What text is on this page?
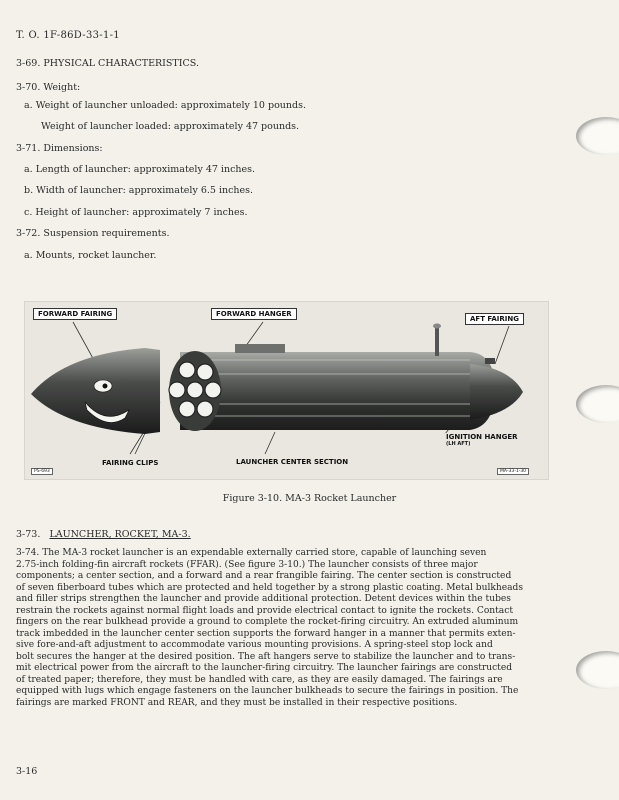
T. O. 1F-86D-33-1-1
3-69. PHYSICAL CHARACTERISTICS.
3-70. Weight:
a. Weight of launcher unloaded: approximately 10 pounds.
Weight of launcher loaded: approximately 47 pounds.
3-71. Dimensions:
a. Length of launcher: approximately 47 inches.
b. Width of launcher: approximately 6.5 inches.
c. Height of launcher: approximately 7 inches.
3-72. Suspension requirements.
a. Mounts, rocket launcher.
FORWARD FAIRING	FORWARD HANGER
AFT FAIRING
IGNITION HANGER
(LH AFT)
FAIRING CLIPS	LAUNCHER CENTER SECTION
PS-693	MA-33-1-30
Figure 3-10. MA-3 Rocket Launcher
3-73. LAUNCHER, ROCKET, MA-3.
3-74. The MA-3 rocket launcher is an expendable externally carried store, capable of launching seven
2.75-inch folding-fin aircraft rockets (FFAR). (See figure 3-10.) The launcher consists of three major
components; a center section, and a forward and a rear frangible fairing. The center section is constructed
of seven fiberboard tubes which are protected and held together by a strong plastic coating. Metal bulkheads
and filler strips strengthen the launcher and provide additional protection. Detent devices within the tubes
restrain the rockets against normal flight loads and provide electrical contact to ignite the rockets. Contact
fingers on the rear bulkhead provide a ground to complete the rocket-firing circuitry. An extruded aluminum
track imbedded in the launcher center section supports the forward hanger in a manner that permits exten-
sive fore-and-aft adjustment to accommodate various mounting provisions. A spring-steel stop lock and
bolt secures the hanger at the desired position. The aft hangers serve to stabilize the launcher and to trans-
mit electrical power from the aircraft to the launcher-firing circuitry. The launcher fairings are constructed
of treated paper; therefore, they must be handled with care, as they are easily damaged. The fairings are
equipped with lugs which engage fasteners on the launcher bulkheads to secure the fairings in position. The
fairings are marked FRONT and REAR, and they must be installed in their respective positions.
3-16
